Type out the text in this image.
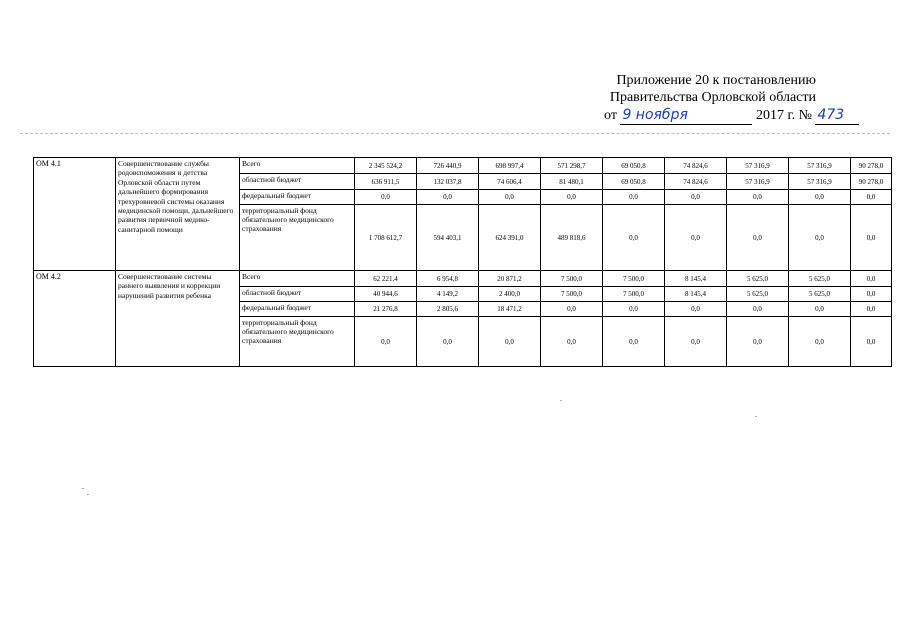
Приложение 20 к постановлению
Правительства Орловской области
от 9 ноября	2017 г. № 473
ОМ 4.1	Совершенствование службы родовспоможения и детства Орловской области путем дальнейшего формирования трехуровневой системы оказания медицинской помощи, дальнейшего развития первичной медико-санитарной помощи	Всего	2 345 524,2	726 440,9	698 997,4	571 298,7	69 050,8	74 824,6	57 316,9	57 316,9	90 278,0	
		областной бюджет	636 911,5	132 037,8	74 606,4	81 480,1	69 050,8	74 824,6	57 316,9	57 316,9	90 278,0	
		федеральный бюджет	0,0	0,0	0,0	0,0	0,0	0,0	0,0	0,0	0,0	
		территориальный фонд обязательного медицинского страхования	1 708 612,7	594 403,1	624 391,0	489 818,6	0,0	0,0	0,0	0,0	0,0	
ОМ 4.2	Совершенствование системы раннего выявления и коррекции нарушений развития ребенка	Всего	62 221,4	6 954,8	20 871,2	7 500,0	7 500,0	8 145,4	5 625,0	5 625,0	0,0	
		областной бюджет	40 944,6	4 149,2	2 400,0	7 500,0	7 500,0	8 145,4	5 625,0	5 625,0	0,0	
		федеральный бюджет	21 276,8	2 805,6	18 471,2	0,0	0,0	0,0	0,0	0,0	0,0	
		территориальный фонд обязательного медицинского страхования	0,0	0,0	0,0	0,0	0,0	0,0	0,0	0,0	0,0	
